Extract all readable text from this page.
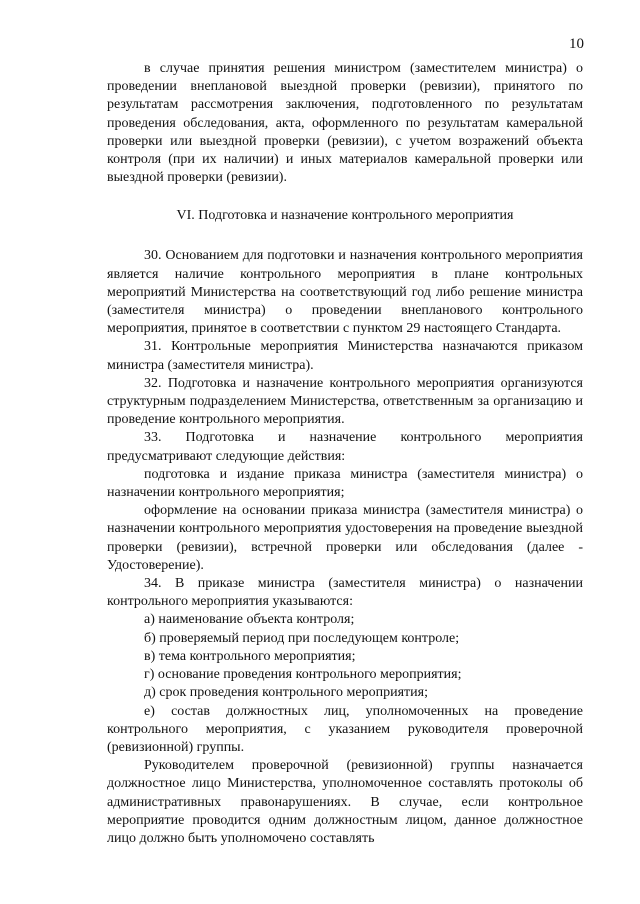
10

в случае принятия решения министром (заместителем министра) о проведении внеплановой выездной проверки (ревизии), принятого по результатам рассмотрения заключения, подготовленного по результатам проведения обследования, акта, оформленного по результатам камеральной проверки или выездной проверки (ревизии), с учетом возражений объекта контроля (при их наличии) и иных материалов камеральной проверки или выездной проверки (ревизии).

VI. Подготовка и назначение контрольного мероприятия

30. Основанием для подготовки и назначения контрольного мероприятия является наличие контрольного мероприятия в плане контрольных мероприятий Министерства на соответствующий год либо решение министра (заместителя министра) о проведении внепланового контрольного мероприятия, принятое в соответствии с пунктом 29 настоящего Стандарта.

31. Контрольные мероприятия Министерства назначаются приказом министра (заместителя министра).

32. Подготовка и назначение контрольного мероприятия организуются структурным подразделением Министерства, ответственным за организацию и проведение контрольного мероприятия.

33. Подготовка и назначение контрольного мероприятия предусматривают следующие действия:

подготовка и издание приказа министра (заместителя министра) о назначении контрольного мероприятия;

оформление на основании приказа министра (заместителя министра) о назначении контрольного мероприятия удостоверения на проведение выездной проверки (ревизии), встречной проверки или обследования (далее - Удостоверение).

34. В приказе министра (заместителя министра) о назначении контрольного мероприятия указываются:

а) наименование объекта контроля;

б) проверяемый период при последующем контроле;

в) тема контрольного мероприятия;

г) основание проведения контрольного мероприятия;

д) срок проведения контрольного мероприятия;

е) состав должностных лиц, уполномоченных на проведение контрольного мероприятия, с указанием руководителя проверочной (ревизионной) группы.

Руководителем проверочной (ревизионной) группы назначается должностное лицо Министерства, уполномоченное составлять протоколы об административных правонарушениях. В случае, если контрольное мероприятие проводится одним должностным лицом, данное должностное лицо должно быть уполномочено составлять
